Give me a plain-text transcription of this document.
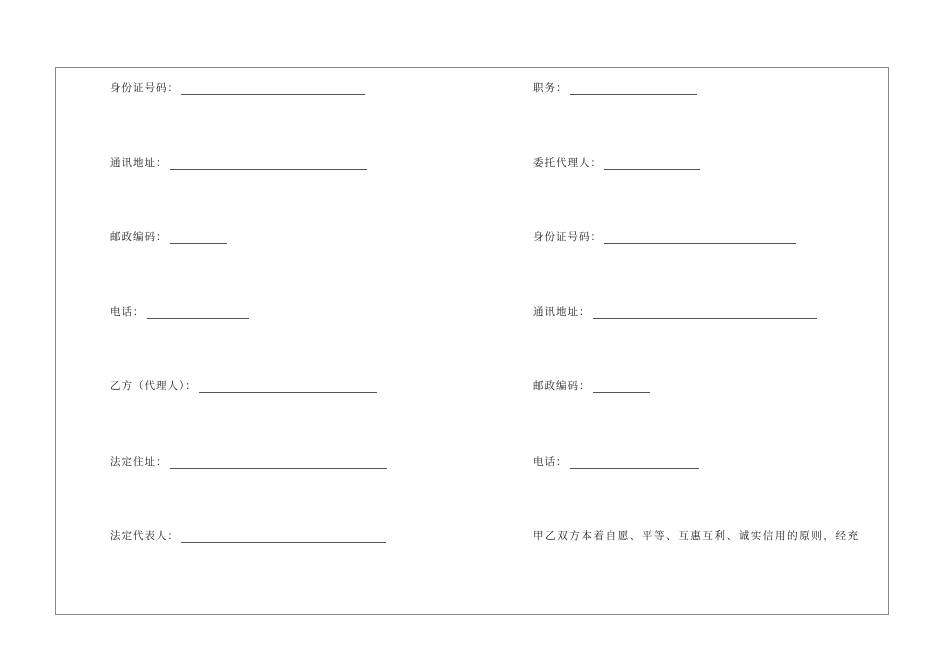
身份证号码：
通讯地址：
邮政编码：
电话：
乙方（代理人）：
法定住址：
法定代表人：
职务：
委托代理人：
身份证号码：
通讯地址：
邮政编码：
电话：
甲乙双方本着自愿、平等、互惠互利、诚实信用的原则，经充
